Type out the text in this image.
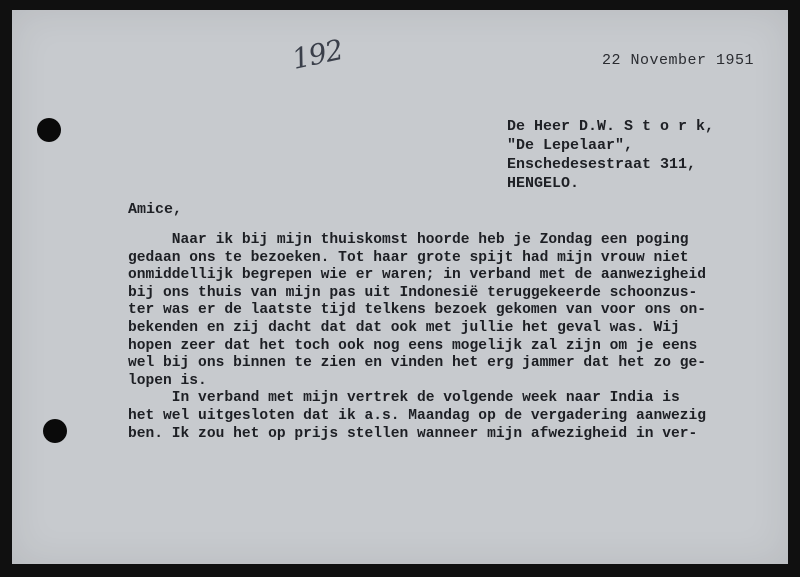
192	22 November 1951
De Heer D.W. S t o r k,
"De Lepelaar",
Enschedesestraat 311,
HENGELO.
Amice,
Naar ik bij mijn thuiskomst hoorde heb je Zondag een poging
gedaan ons te bezoeken. Tot haar grote spijt had mijn vrouw niet
onmiddellijk begrepen wie er waren; in verband met de aanwezigheid
bij ons thuis van mijn pas uit Indonesië teruggekeerde schoonzus-
ter was er de laatste tijd telkens bezoek gekomen van voor ons on-
bekenden en zij dacht dat dat ook met jullie het geval was. Wij
hopen zeer dat het toch ook nog eens mogelijk zal zijn om je eens
wel bij ons binnen te zien en vinden het erg jammer dat het zo ge-
lopen is.
In verband met mijn vertrek de volgende week naar India is
het wel uitgesloten dat ik a.s. Maandag op de vergadering aanwezig
ben. Ik zou het op prijs stellen wanneer mijn afwezigheid in ver-
